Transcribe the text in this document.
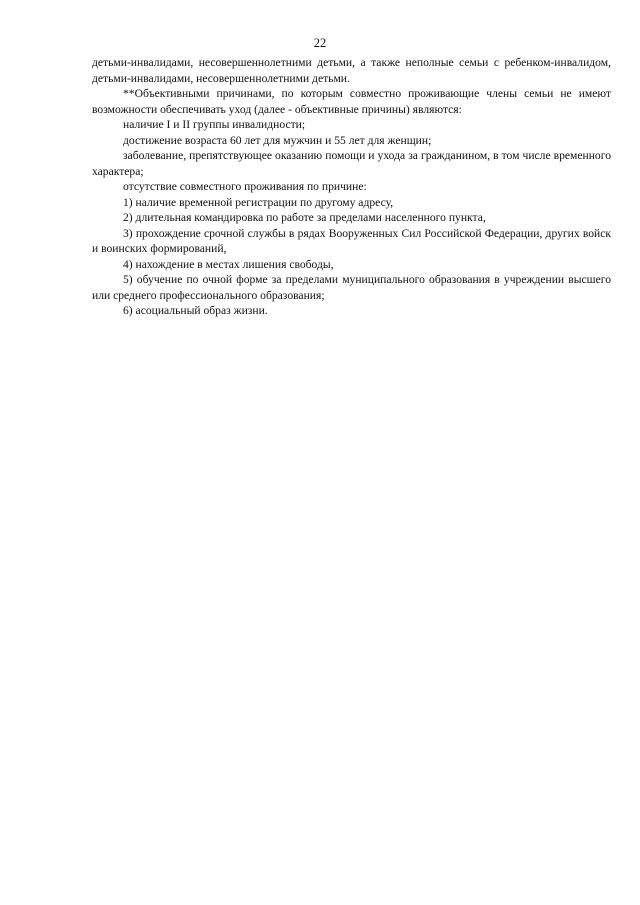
22

детьми-инвалидами, несовершеннолетними детьми, а также неполные семьи с ребенком-инвалидом, детьми-инвалидами, несовершеннолетними детьми.

**Объективными причинами, по которым совместно проживающие члены семьи не имеют возможности обеспечивать уход (далее - объективные причины) являются:

наличие I и II группы инвалидности;

достижение возраста 60 лет для мужчин и 55 лет для женщин;

заболевание, препятствующее оказанию помощи и ухода за гражданином, в том числе временного характера;

отсутствие совместного проживания по причине:

1) наличие временной регистрации по другому адресу,

2) длительная командировка по работе за пределами населенного пункта,

3) прохождение срочной службы в рядах Вооруженных Сил Российской Федерации, других войск и воинских формирований,

4) нахождение в местах лишения свободы,

5) обучение по очной форме за пределами муниципального образования в учреждении высшего или среднего профессионального образования;

6) асоциальный образ жизни.
